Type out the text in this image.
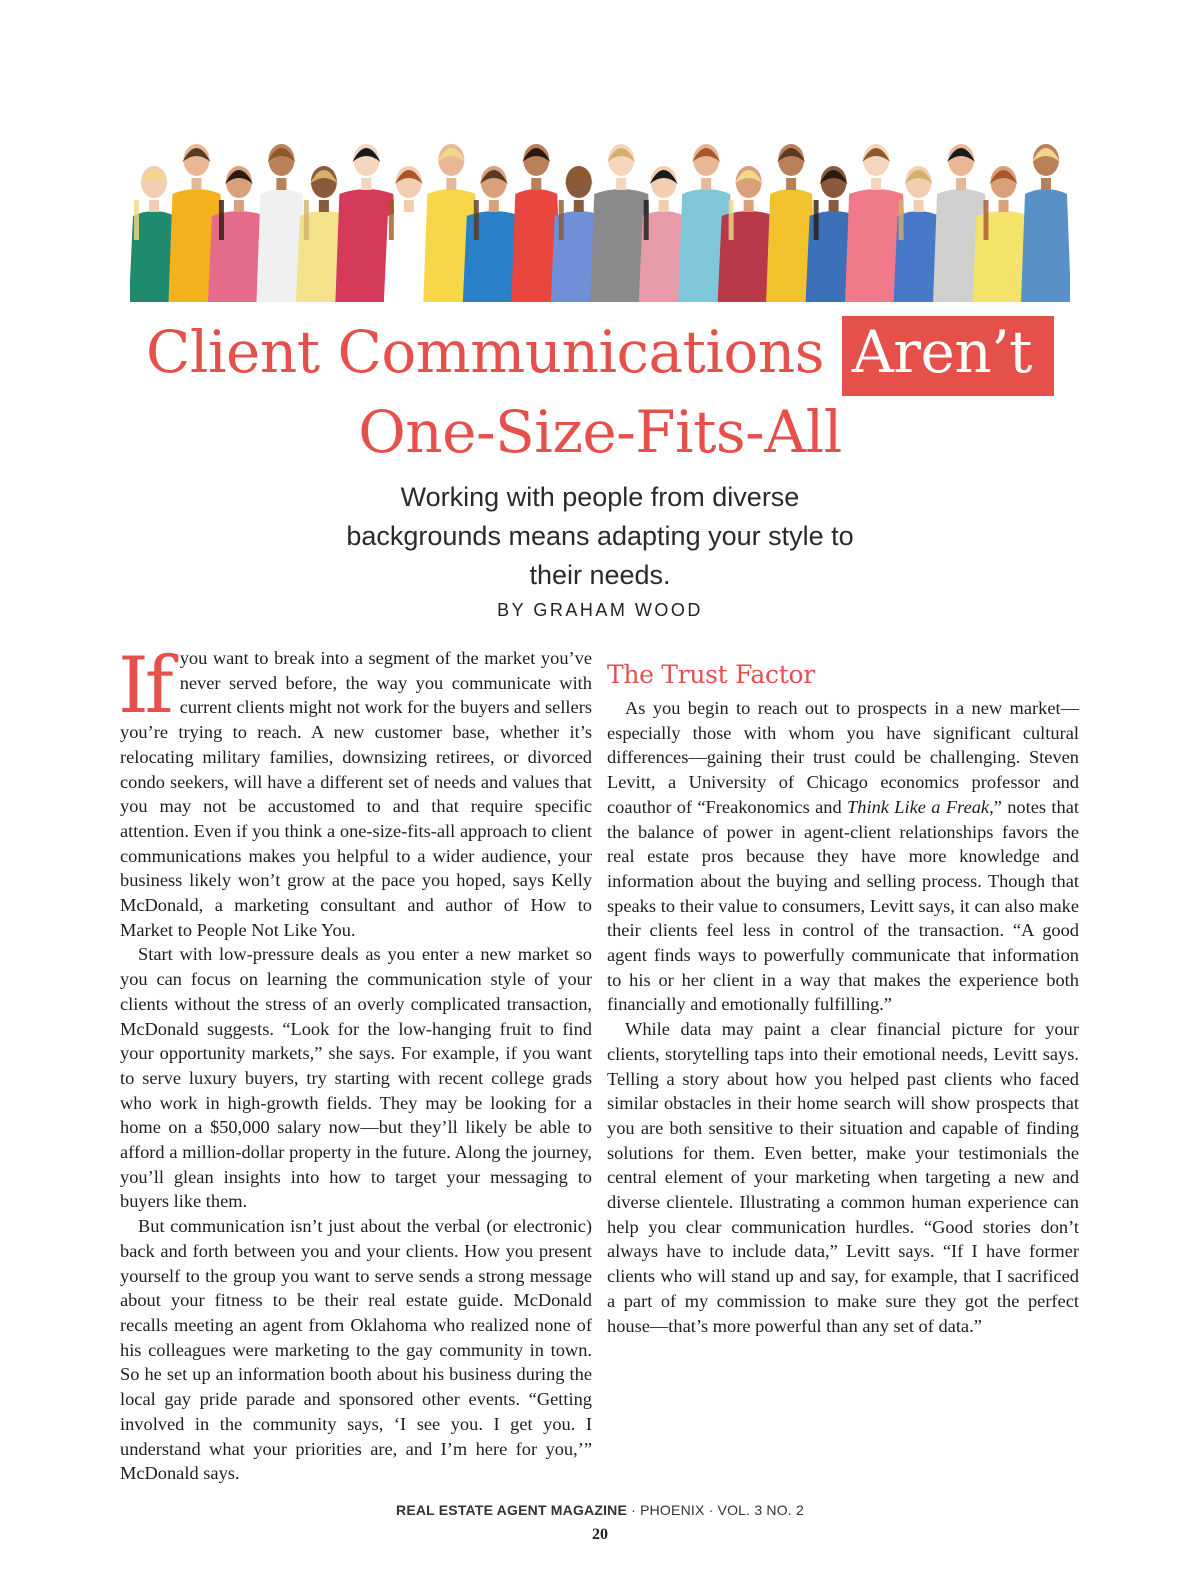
Client Communications Aren’t
One-Size-Fits-All
Working with people from diverse backgrounds means adapting your style to their needs.
BY GRAHAM WOOD

If you want to break into a segment of the market you’ve never served before, the way you communicate with current clients might not work for the buyers and sellers you’re trying to reach. A new customer base, whether it’s relocating military families, downsizing retirees, or divorced condo seekers, will have a different set of needs and values that you may not be accustomed to and that require specific attention. Even if you think a one-size-fits-all approach to client communications makes you helpful to a wider audience, your business likely won’t grow at the pace you hoped, says Kelly McDonald, a marketing consultant and author of How to Market to People Not Like You.

Start with low-pressure deals as you enter a new market so you can focus on learning the communication style of your clients without the stress of an overly complicated transaction, McDonald suggests. “Look for the low-hanging fruit to find your opportunity markets,” she says. For example, if you want to serve luxury buyers, try starting with recent college grads who work in high-growth fields. They may be looking for a home on a $50,000 salary now—but they’ll likely be able to afford a million-dollar property in the future. Along the journey, you’ll glean insights into how to target your messaging to buyers like them.

But communication isn’t just about the verbal (or electronic) back and forth between you and your clients. How you present yourself to the group you want to serve sends a strong message about your fitness to be their real estate guide. McDonald recalls meeting an agent from Oklahoma who realized none of his colleagues were marketing to the gay community in town. So he set up an information booth about his business during the local gay pride parade and sponsored other events. “Getting involved in the community says, ‘I see you. I get you. I understand what your priorities are, and I’m here for you,’” McDonald says.

The Trust Factor

As you begin to reach out to prospects in a new market—especially those with whom you have significant cultural differences—gaining their trust could be challenging. Steven Levitt, a University of Chicago economics professor and coauthor of “Freakonomics and Think Like a Freak,” notes that the balance of power in agent-client relationships favors the real estate pros because they have more knowledge and information about the buying and selling process. Though that speaks to their value to consumers, Levitt says, it can also make their clients feel less in control of the transaction. “A good agent finds ways to powerfully communicate that information to his or her client in a way that makes the experience both financially and emotionally fulfilling.”

While data may paint a clear financial picture for your clients, storytelling taps into their emotional needs, Levitt says. Telling a story about how you helped past clients who faced similar obstacles in their home search will show prospects that you are both sensitive to their situation and capable of finding solutions for them. Even better, make your testimonials the central element of your marketing when targeting a new and diverse clientele. Illustrating a common human experience can help you clear communication hurdles. “Good stories don’t always have to include data,” Levitt says. “If I have former clients who will stand up and say, for example, that I sacrificed a part of my commission to make sure they got the perfect house—that’s more powerful than any set of data.”

REAL ESTATE AGENT MAGAZINE · PHOENIX · VOL. 3 NO. 2
20
